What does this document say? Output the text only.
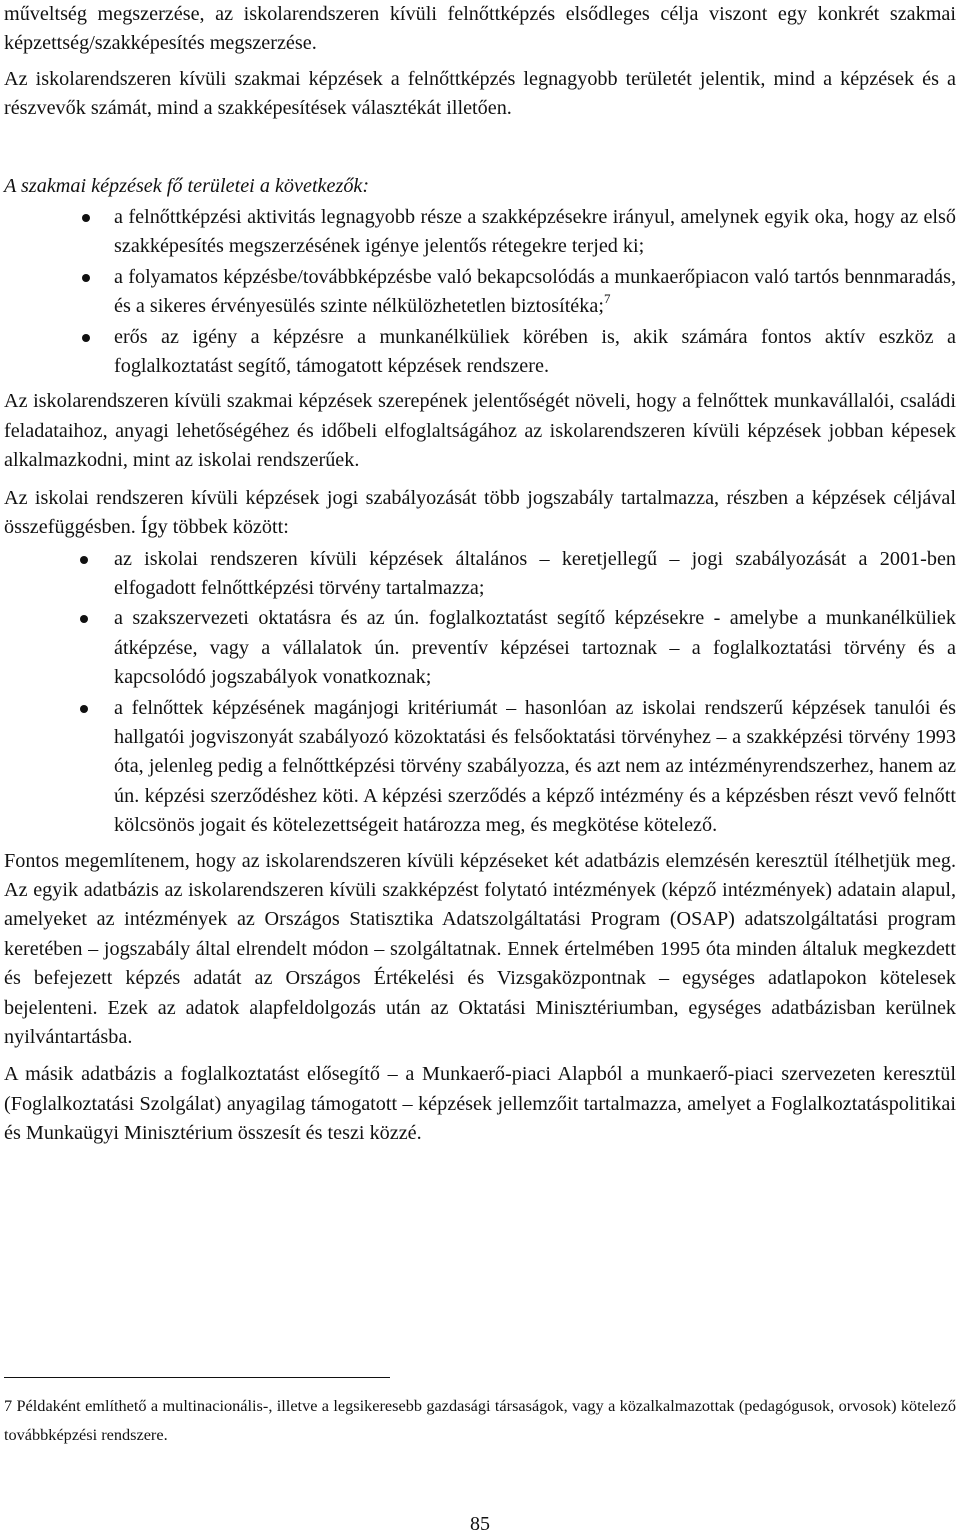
műveltség megszerzése, az iskolarendszeren kívüli felnőttképzés elsődleges célja viszont egy konkrét szakmai képzettség/szakképesítés megszerzése.

Az iskolarendszeren kívüli szakmai képzések a felnőttképzés legnagyobb területét jelentik, mind a képzések és a részvevők számát, mind a szakképesítések választékát illetően.

A szakmai képzések fő területei a következők:

a felnőttképzési aktivitás legnagyobb része a szakképzésekre irányul, amelynek egyik oka, hogy az első szakképesítés megszerzésének igénye jelentős rétegekre terjed ki;

a folyamatos képzésbe/továbbképzésbe való bekapcsolódás a munkaerőpiacon való tartós bennmaradás, és a sikeres érvényesülés szinte nélkülözhetetlen biztosítéka;$^7$

erős az igény a képzésre a munkanélküliek körében is, akik számára fontos aktív eszköz a foglalkoztatást segítő, támogatott képzések rendszere.

Az iskolarendszeren kívüli szakmai képzések szerepének jelentőségét növeli, hogy a felnőttek munkavállalói, családi feladataihoz, anyagi lehetőségéhez és időbeli elfoglaltságához az iskolarendszeren kívüli képzések jobban képesek alkalmazkodni, mint az iskolai rendszerűek.

Az iskolai rendszeren kívüli képzések jogi szabályozását több jogszabály tartalmazza, részben a képzések céljával összefüggésben. Így többek között:

az iskolai rendszeren kívüli képzések általános – keretjellegű – jogi szabályozását a 2001-ben elfogadott felnőttképzési törvény tartalmazza;

a szakszervezeti oktatásra és az ún. foglalkoztatást segítő képzésekre - amelybe a munkanélküliek átképzése, vagy a vállalatok ún. preventív képzései tartoznak – a foglalkoztatási törvény és a kapcsolódó jogszabályok vonatkoznak;

a felnőttek képzésének magánjogi kritériumát – hasonlóan az iskolai rendszerű képzések tanulói és hallgatói jogviszonyát szabályozó közoktatási és felsőoktatási törvényhez – a szakképzési törvény 1993 óta, jelenleg pedig a felnőttképzési törvény szabályozza, és azt nem az intézményrendszerhez, hanem az ún. képzési szerződéshez köti. A képzési szerződés a képző intézmény és a képzésben részt vevő felnőtt kölcsönös jogait és kötelezettségeit határozza meg, és megkötése kötelező.

Fontos megemlítenem, hogy az iskolarendszeren kívüli képzéseket két adatbázis elemzésén keresztül ítélhetjük meg. Az egyik adatbázis az iskolarendszeren kívüli szakképzést folytató intézmények (képző intézmények) adatain alapul, amelyeket az intézmények az Országos Statisztika Adatszolgáltatási Program (OSAP) adatszolgáltatási program keretében – jogszabály által elrendelt módon – szolgáltatnak. Ennek értelmében 1995 óta minden általuk megkezdett és befejezett képzés adatát az Országos Értékelési és Vizsgaközpontnak – egységes adatlapokon kötelesek bejelenteni. Ezek az adatok alapfeldolgozás után az Oktatási Minisztériumban, egységes adatbázisban kerülnek nyilvántartásba.

A másik adatbázis a foglalkoztatást elősegítő – a Munkaerő-piaci Alapból a munkaerő-piaci szervezeten keresztül (Foglalkoztatási Szolgálat) anyagilag támogatott – képzések jellemzőit tartalmazza, amelyet a Foglalkoztatáspolitikai és Munkaügyi Minisztérium összesít és teszi közzé.

7 Példaként említhető a multinacionális-, illetve a legsikeresebb gazdasági társaságok, vagy a közalkalmazottak (pedagógusok, orvosok) kötelező továbbképzési rendszere.

85
